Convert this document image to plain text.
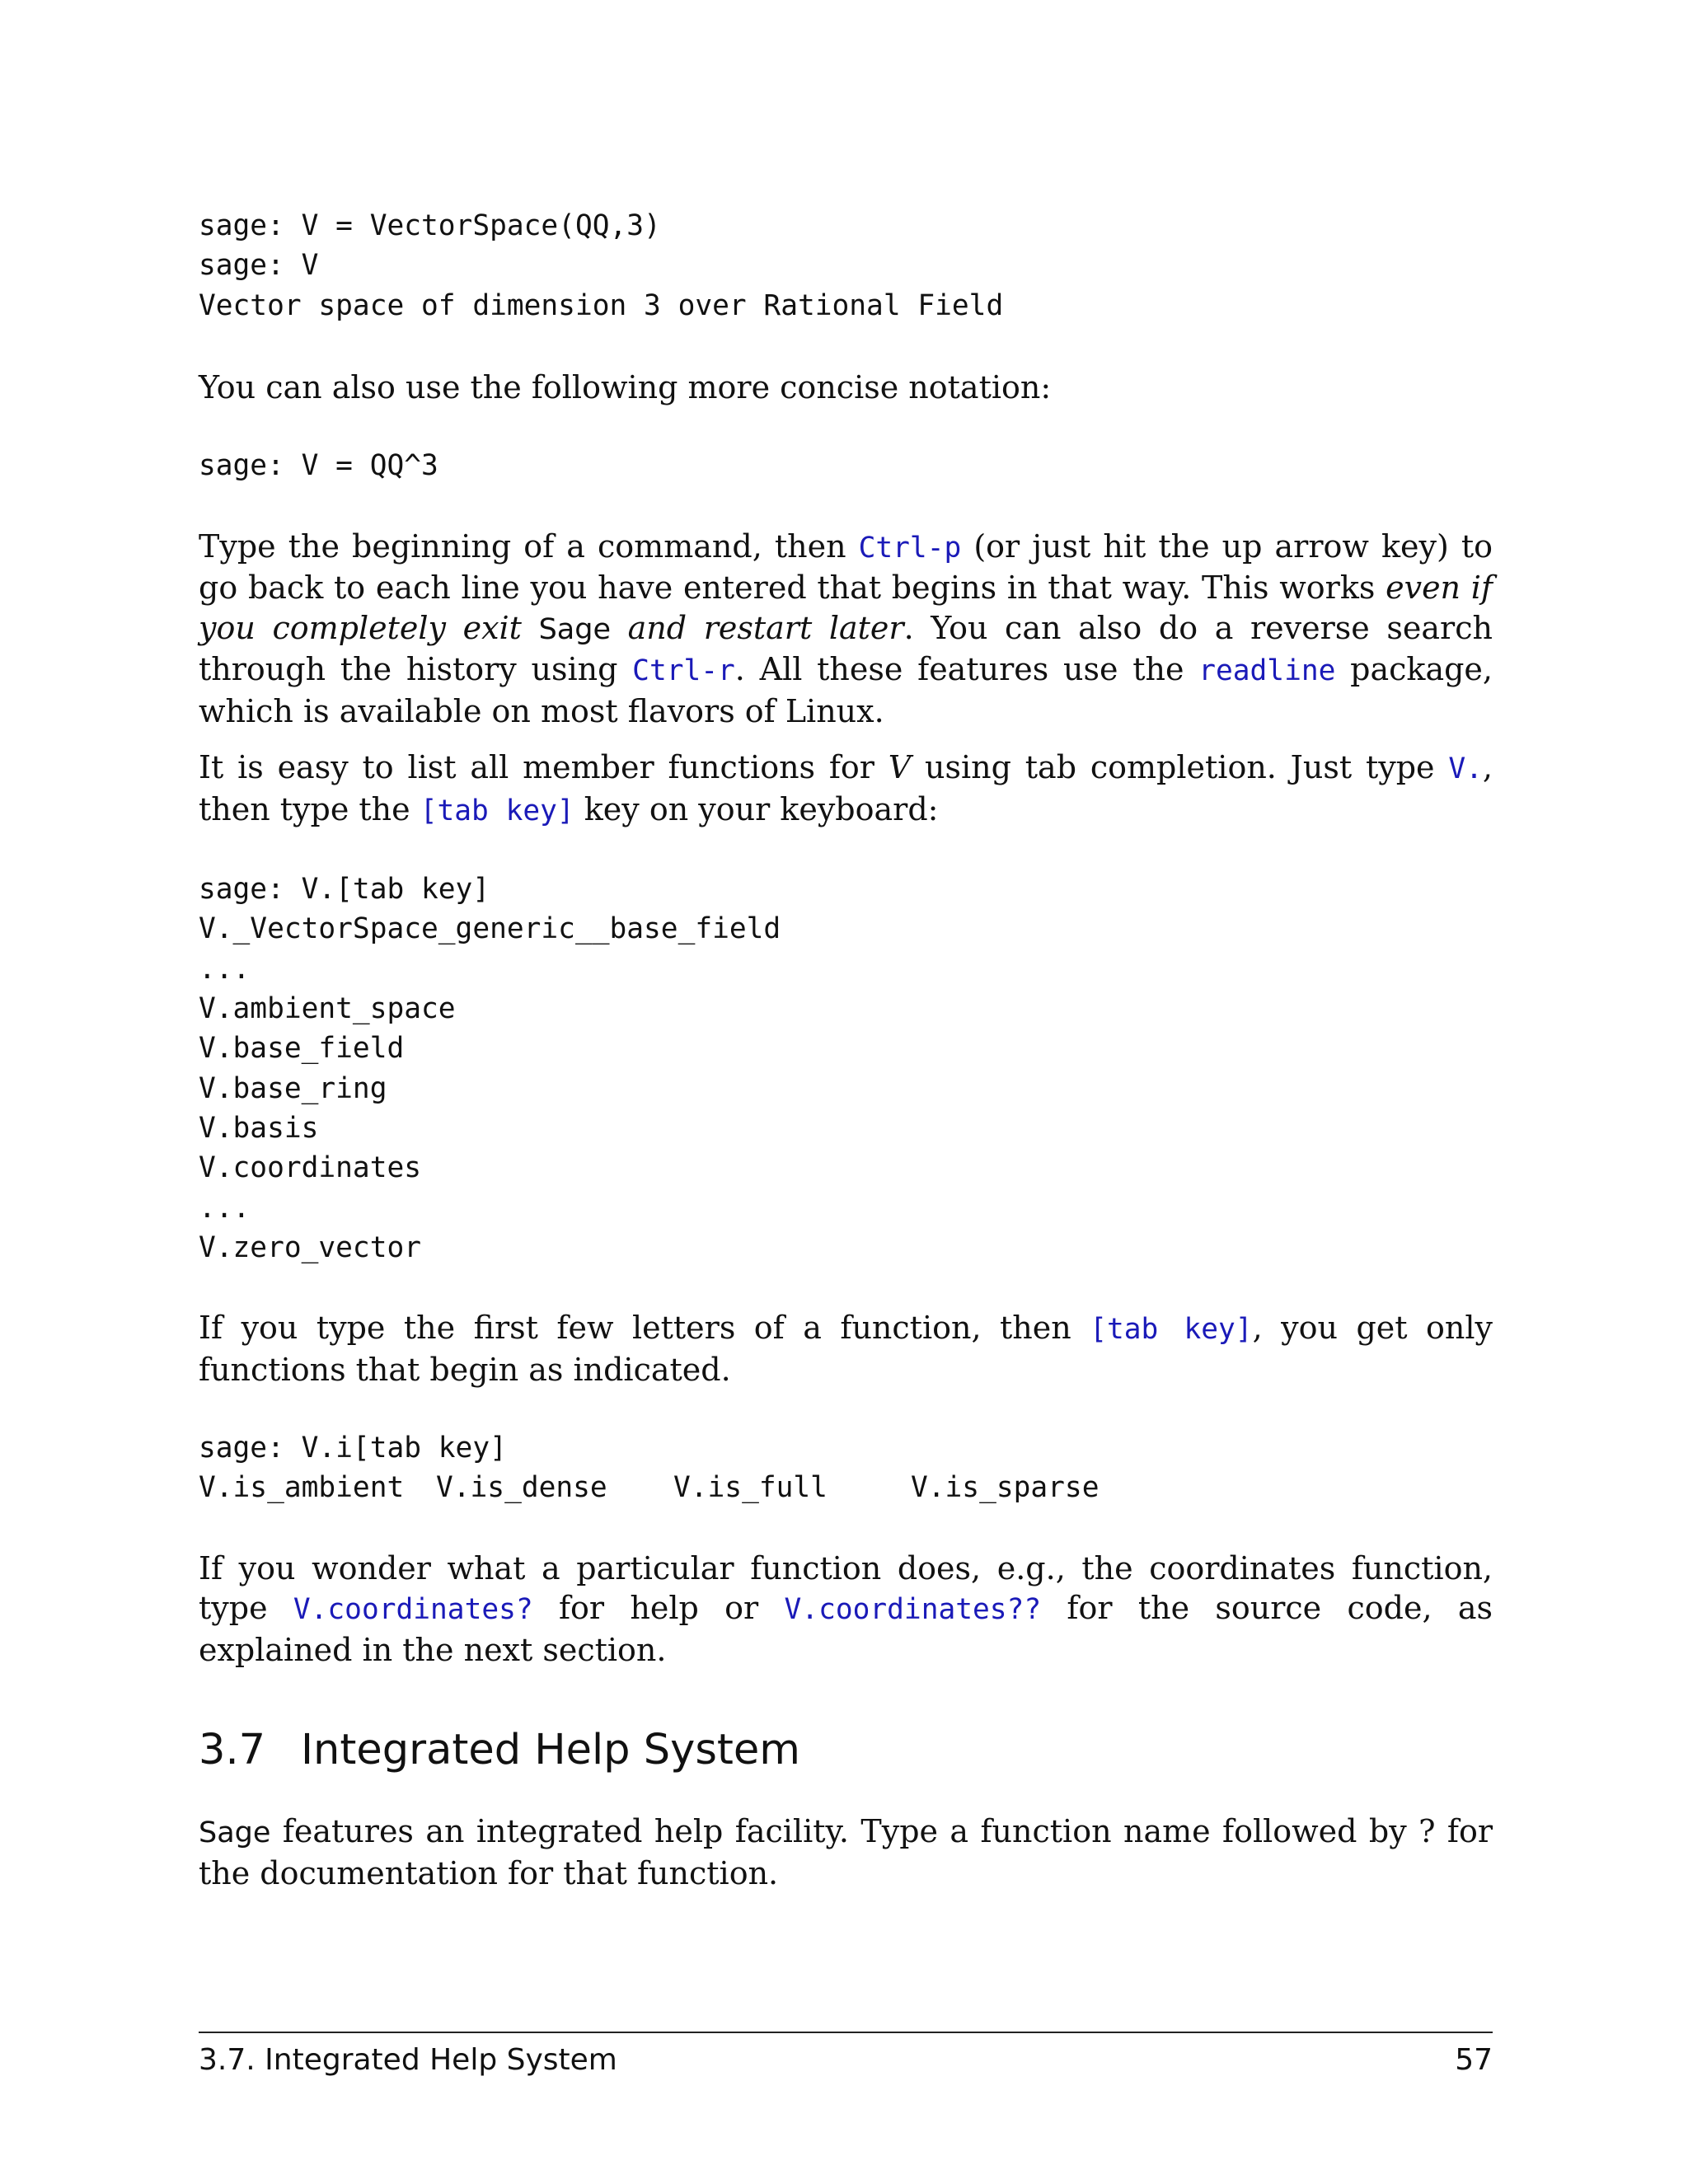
sage: V = VectorSpace(QQ,3)
sage: V
Vector space of dimension 3 over Rational Field

You can also use the following more concise notation:

sage: V = QQ^3

Type the beginning of a command, then Ctrl-p (or just hit the up arrow key) to go back to each line you have entered that begins in that way. This works even if you completely exit Sage and restart later. You can also do a reverse search through the history using Ctrl-r. All these features use the readline package, which is available on most flavors of Linux.

It is easy to list all member functions for V using tab completion. Just type V., then type the [tab key] key on your keyboard:

sage: V.[tab key]
V._VectorSpace_generic__base_field
...
V.ambient_space
V.base_field
V.base_ring
V.basis
V.coordinates
...
V.zero_vector

If you type the first few letters of a function, then [tab key], you get only functions that begin as indicated.

sage: V.i[tab key]
V.is_ambient V.is_dense V.is_full	V.is_sparse

If you wonder what a particular function does, e.g., the coordinates function, type V.coordinates? for help or V.coordinates?? for the source code, as explained in the next section.

3.7 Integrated Help System

Sage features an integrated help facility. Type a function name followed by ? for the documentation for that function.

3.7. Integrated Help System	57
